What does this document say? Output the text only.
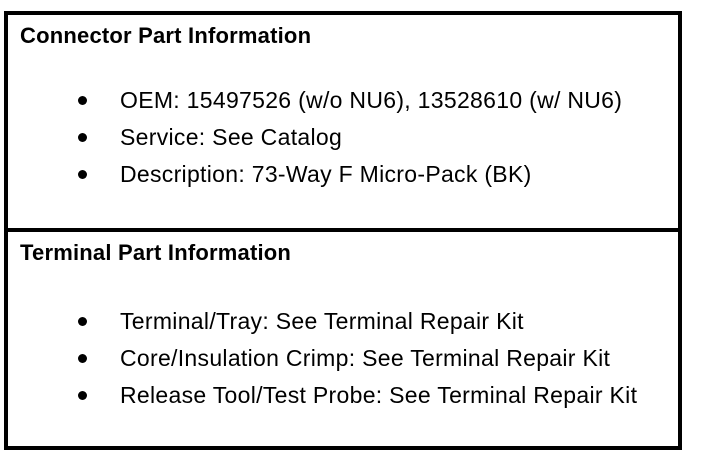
Connector Part Information
OEM: 15497526 (w/o NU6), 13528610 (w/ NU6)
Service: See Catalog
Description: 73-Way F Micro-Pack (BK)
Terminal Part Information
Terminal/Tray: See Terminal Repair Kit
Core/Insulation Crimp: See Terminal Repair Kit
Release Tool/Test Probe: See Terminal Repair Kit
